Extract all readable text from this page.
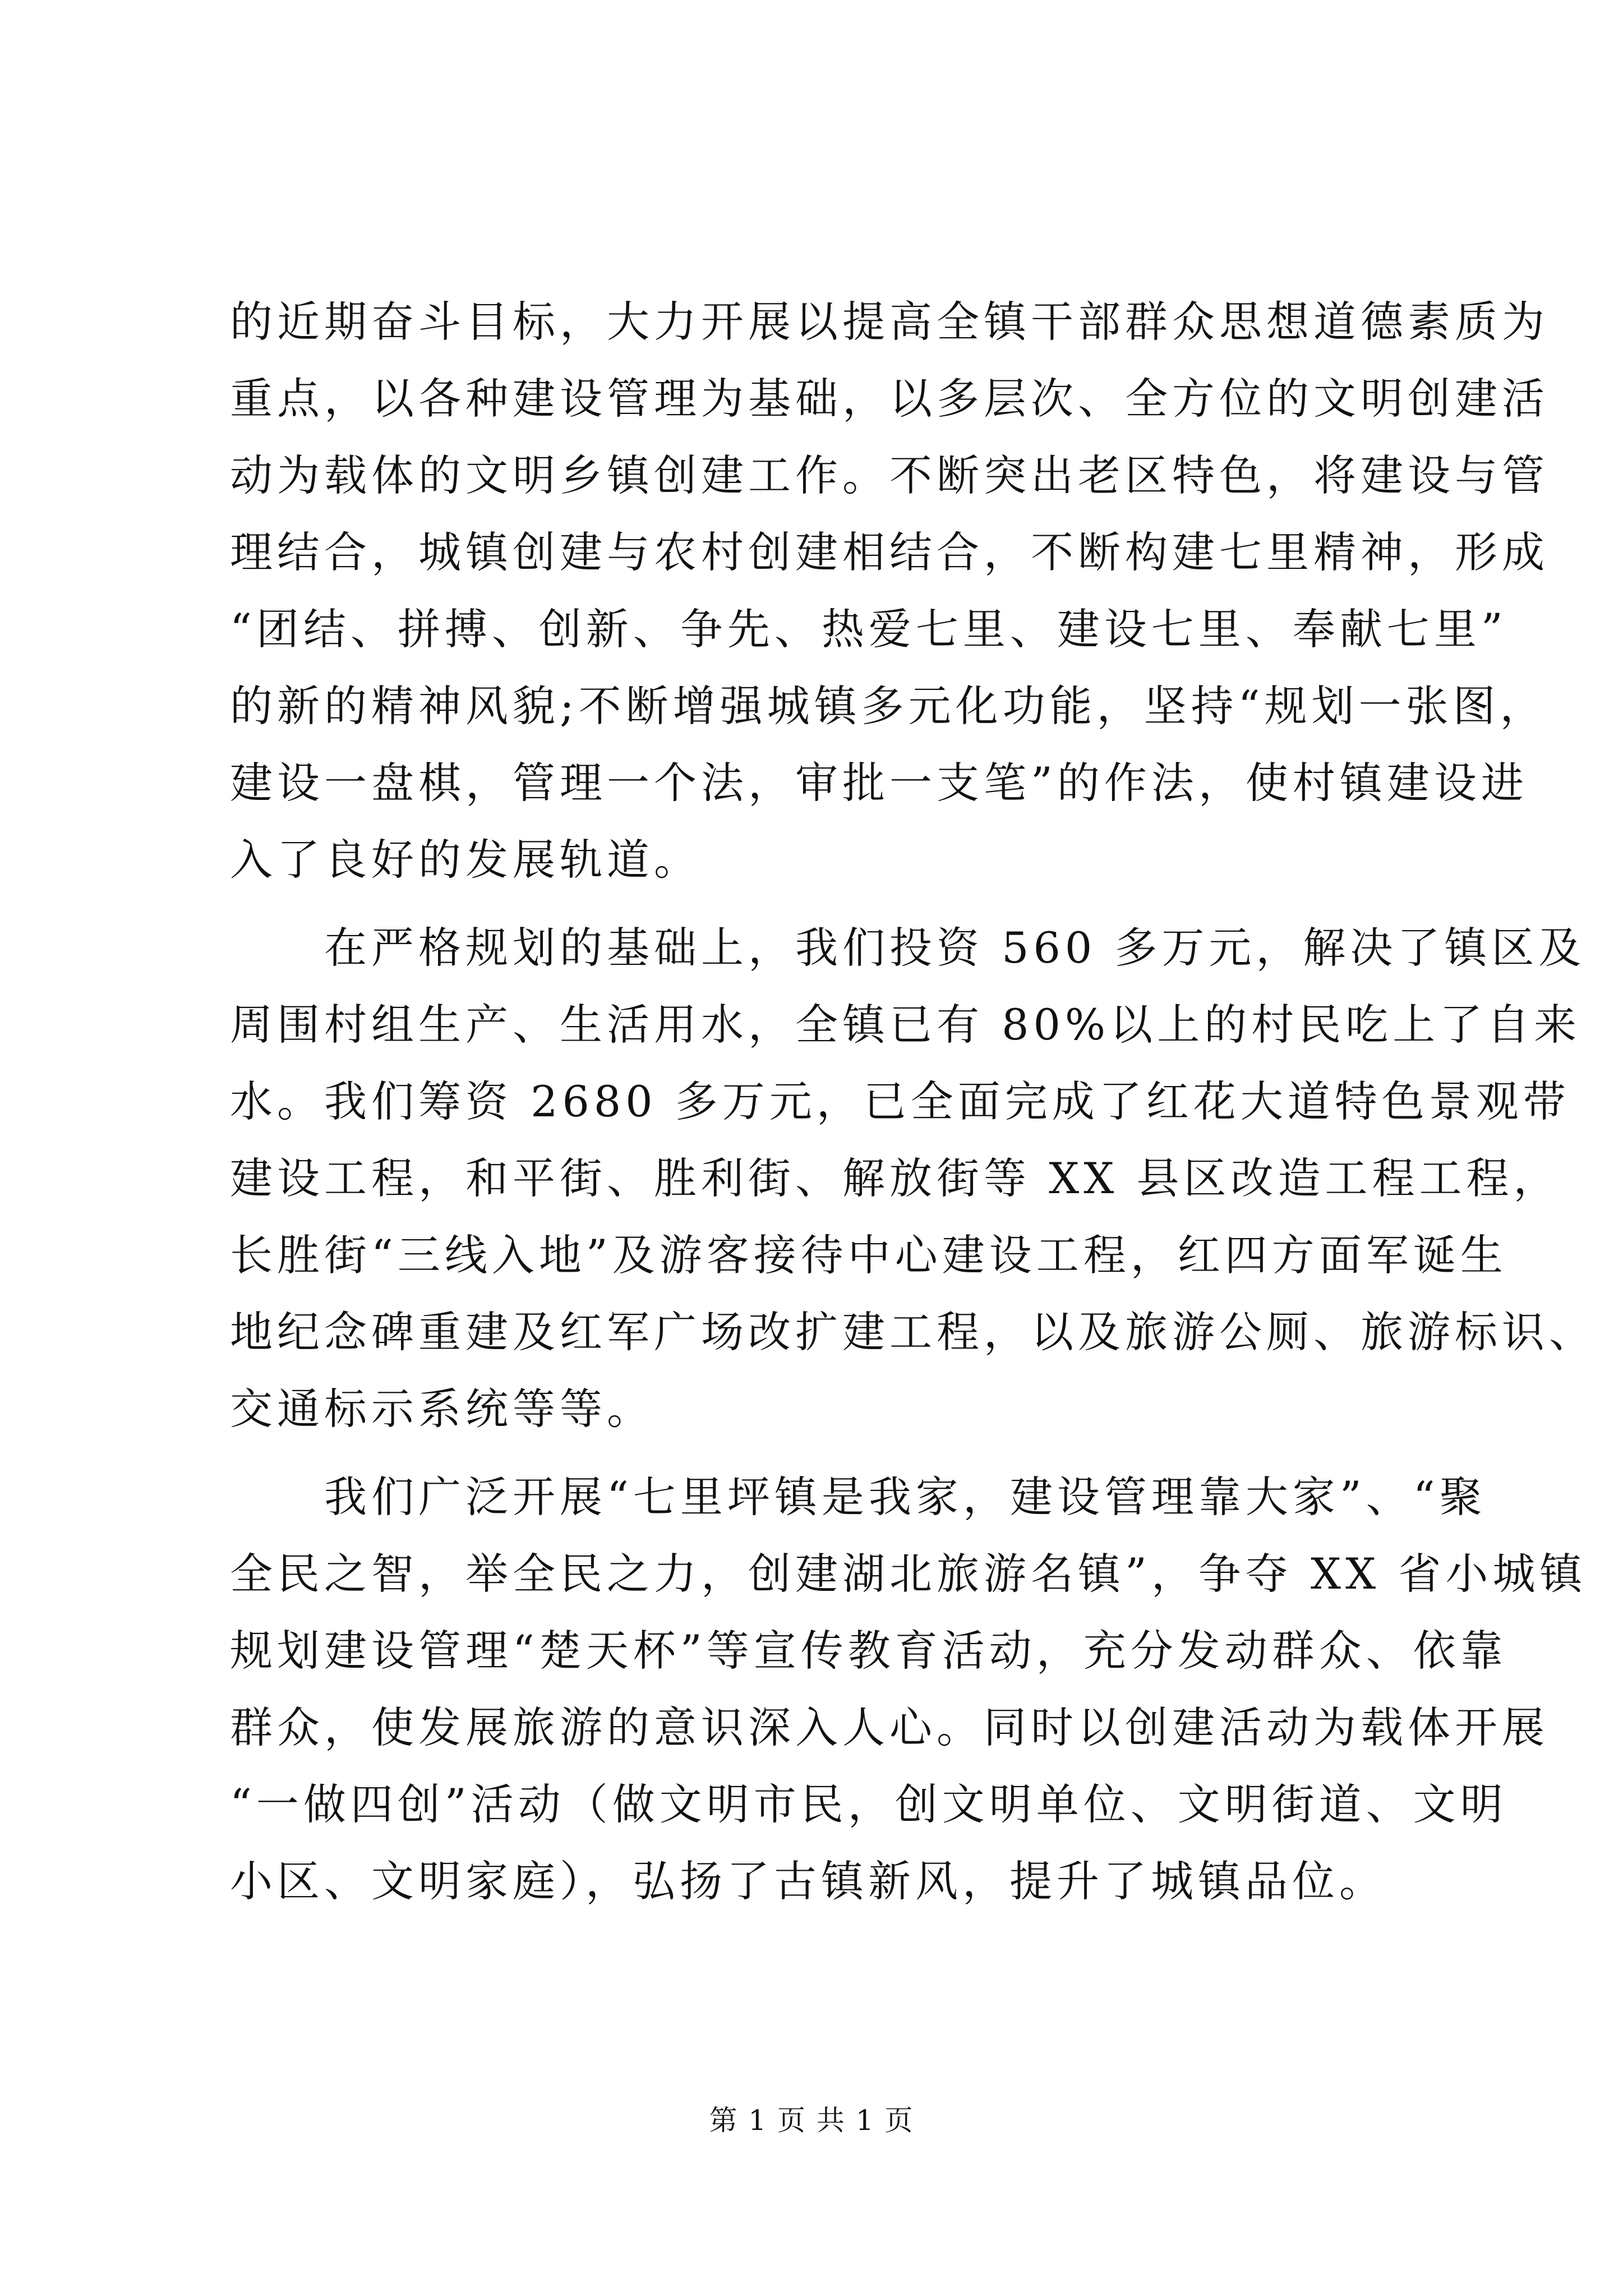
的近期奋斗目标，大力开展以提高全镇干部群众思想道德素质为
重点，以各种建设管理为基础，以多层次、全方位的文明创建活
动为载体的文明乡镇创建工作。不断突出老区特色，将建设与管
理结合，城镇创建与农村创建相结合，不断构建七里精神，形成
“团结、拼搏、创新、争先、热爱七里、建设七里、奉献七里”
的新的精神风貌;不断增强城镇多元化功能，坚持“规划一张图，
建设一盘棋，管理一个法，审批一支笔”的作法，使村镇建设进
入了良好的发展轨道。

在严格规划的基础上，我们投资 560 多万元，解决了镇区及
周围村组生产、生活用水，全镇已有 80%以上的村民吃上了自来
水。我们筹资 2680 多万元，已全面完成了红花大道特色景观带
建设工程，和平街、胜利街、解放街等 XX 县区改造工程工程，
长胜街“三线入地”及游客接待中心建设工程，红四方面军诞生
地纪念碑重建及红军广场改扩建工程，以及旅游公厕、旅游标识、
交通标示系统等等。

我们广泛开展“七里坪镇是我家，建设管理靠大家”、“聚
全民之智，举全民之力，创建湖北旅游名镇”，争夺 XX 省小城镇
规划建设管理“楚天杯”等宣传教育活动，充分发动群众、依靠
群众，使发展旅游的意识深入人心。同时以创建活动为载体开展
“一做四创”活动（做文明市民，创文明单位、文明街道、文明
小区、文明家庭），弘扬了古镇新风，提升了城镇品位。

第 1 页 共 1 页
